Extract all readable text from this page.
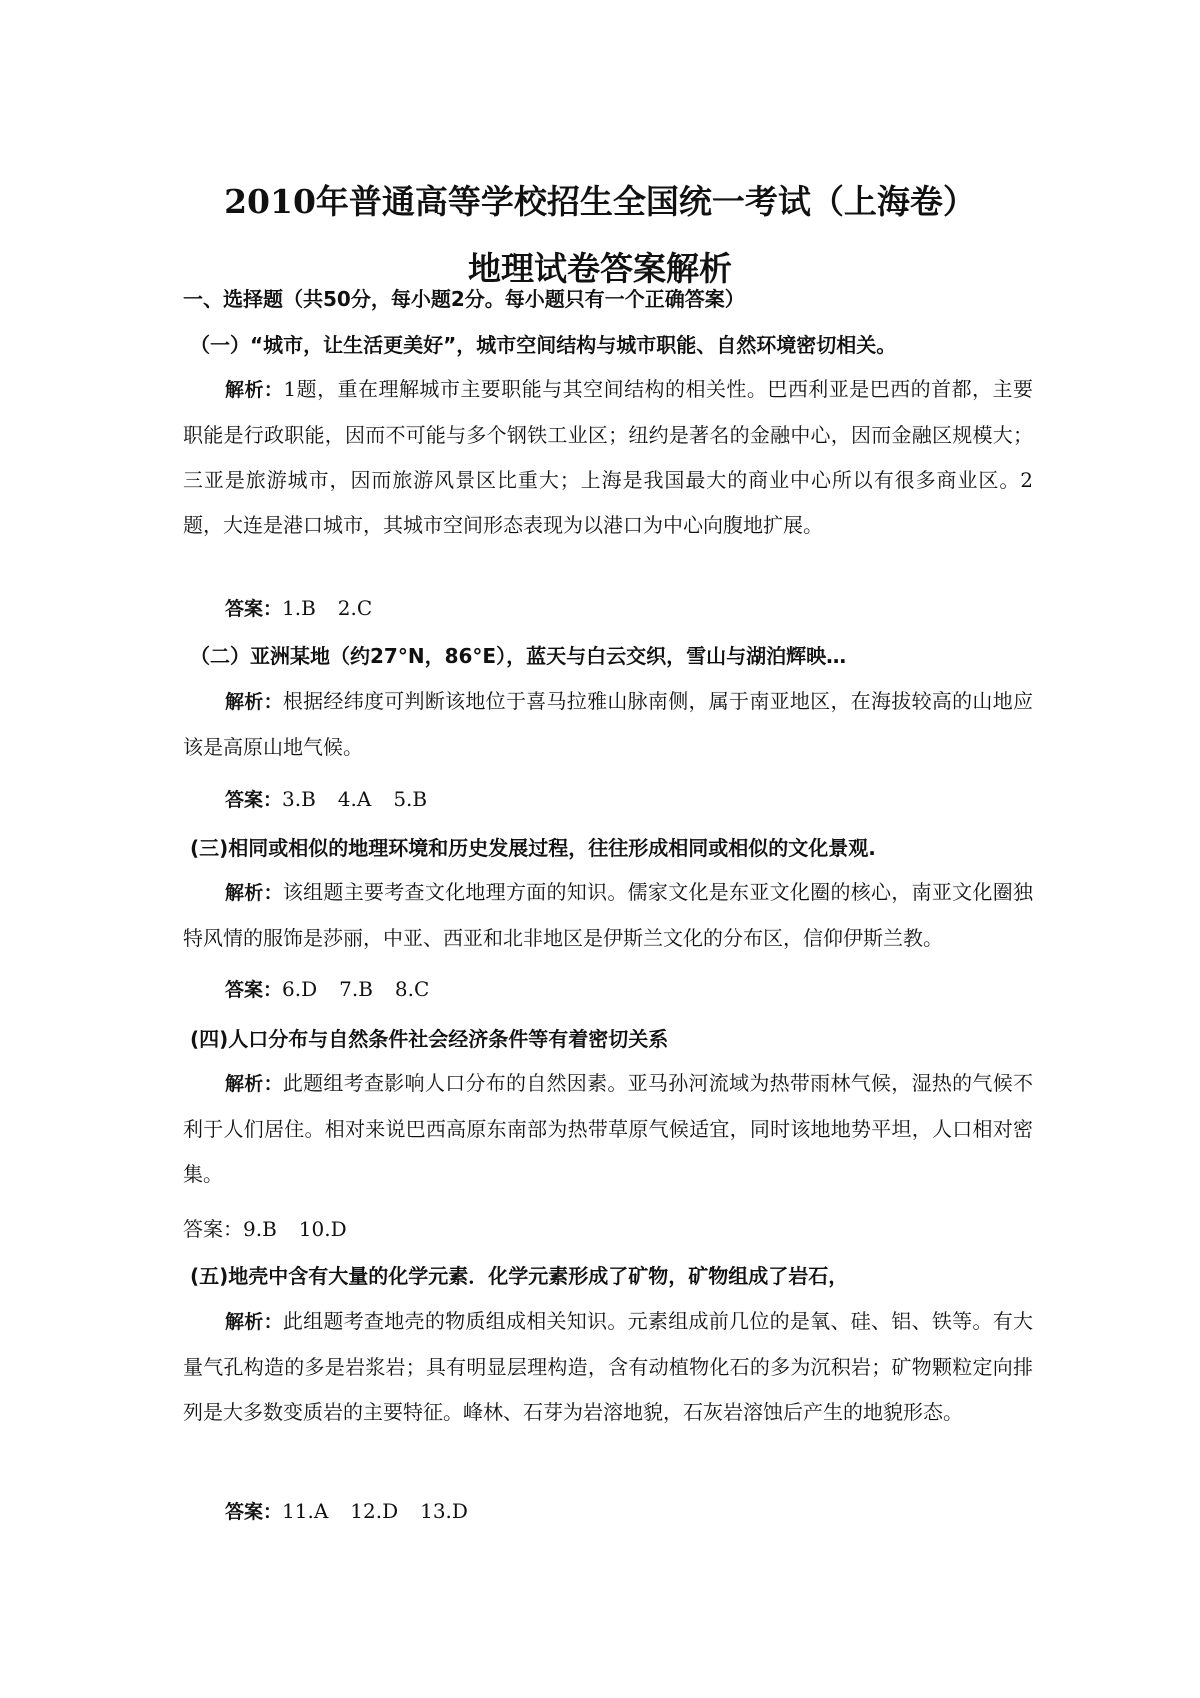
2010年普通高等学校招生全国统一考试（上海卷）
地理试卷答案解析
一、选择题（共50分，每小题2分。每小题只有一个正确答案）
（一）“城市，让生活更美好”，城市空间结构与城市职能、自然环境密切相关。
解析：1题，重在理解城市主要职能与其空间结构的相关性。巴西利亚是巴西的首都，主要职能是行政职能，因而不可能与多个钢铁工业区；纽约是著名的金融中心，因而金融区规模大；三亚是旅游城市，因而旅游风景区比重大；上海是我国最大的商业中心所以有很多商业区。2题，大连是港口城市，其城市空间形态表现为以港口为中心向腹地扩展。
答案：1.B 2.C
（二）亚洲某地（约27°N，86°E），蓝天与白云交织，雪山与湖泊辉映…
解析：根据经纬度可判断该地位于喜马拉雅山脉南侧，属于南亚地区，在海拔较高的山地应该是高原山地气候。
答案：3.B 4.A 5.B
(三)相同或相似的地理环境和历史发展过程，往往形成相同或相似的文化景观.
解析：该组题主要考查文化地理方面的知识。儒家文化是东亚文化圈的核心，南亚文化圈独特风情的服饰是莎丽，中亚、西亚和北非地区是伊斯兰文化的分布区，信仰伊斯兰教。
答案：6.D 7.B 8.C
(四)人口分布与自然条件社会经济条件等有着密切关系
解析：此题组考查影响人口分布的自然因素。亚马孙河流域为热带雨林气候，湿热的气候不利于人们居住。相对来说巴西高原东南部为热带草原气候适宜，同时该地地势平坦，人口相对密集。
答案：9.B 10.D
(五)地壳中含有大量的化学元素．化学元素形成了矿物，矿物组成了岩石，
解析：此组题考查地壳的物质组成相关知识。元素组成前几位的是氧、硅、铝、铁等。有大量气孔构造的多是岩浆岩；具有明显层理构造，含有动植物化石的多为沉积岩；矿物颗粒定向排列是大多数变质岩的主要特征。峰林、石芽为岩溶地貌，石灰岩溶蚀后产生的地貌形态。
答案：11.A 12.D 13.D
